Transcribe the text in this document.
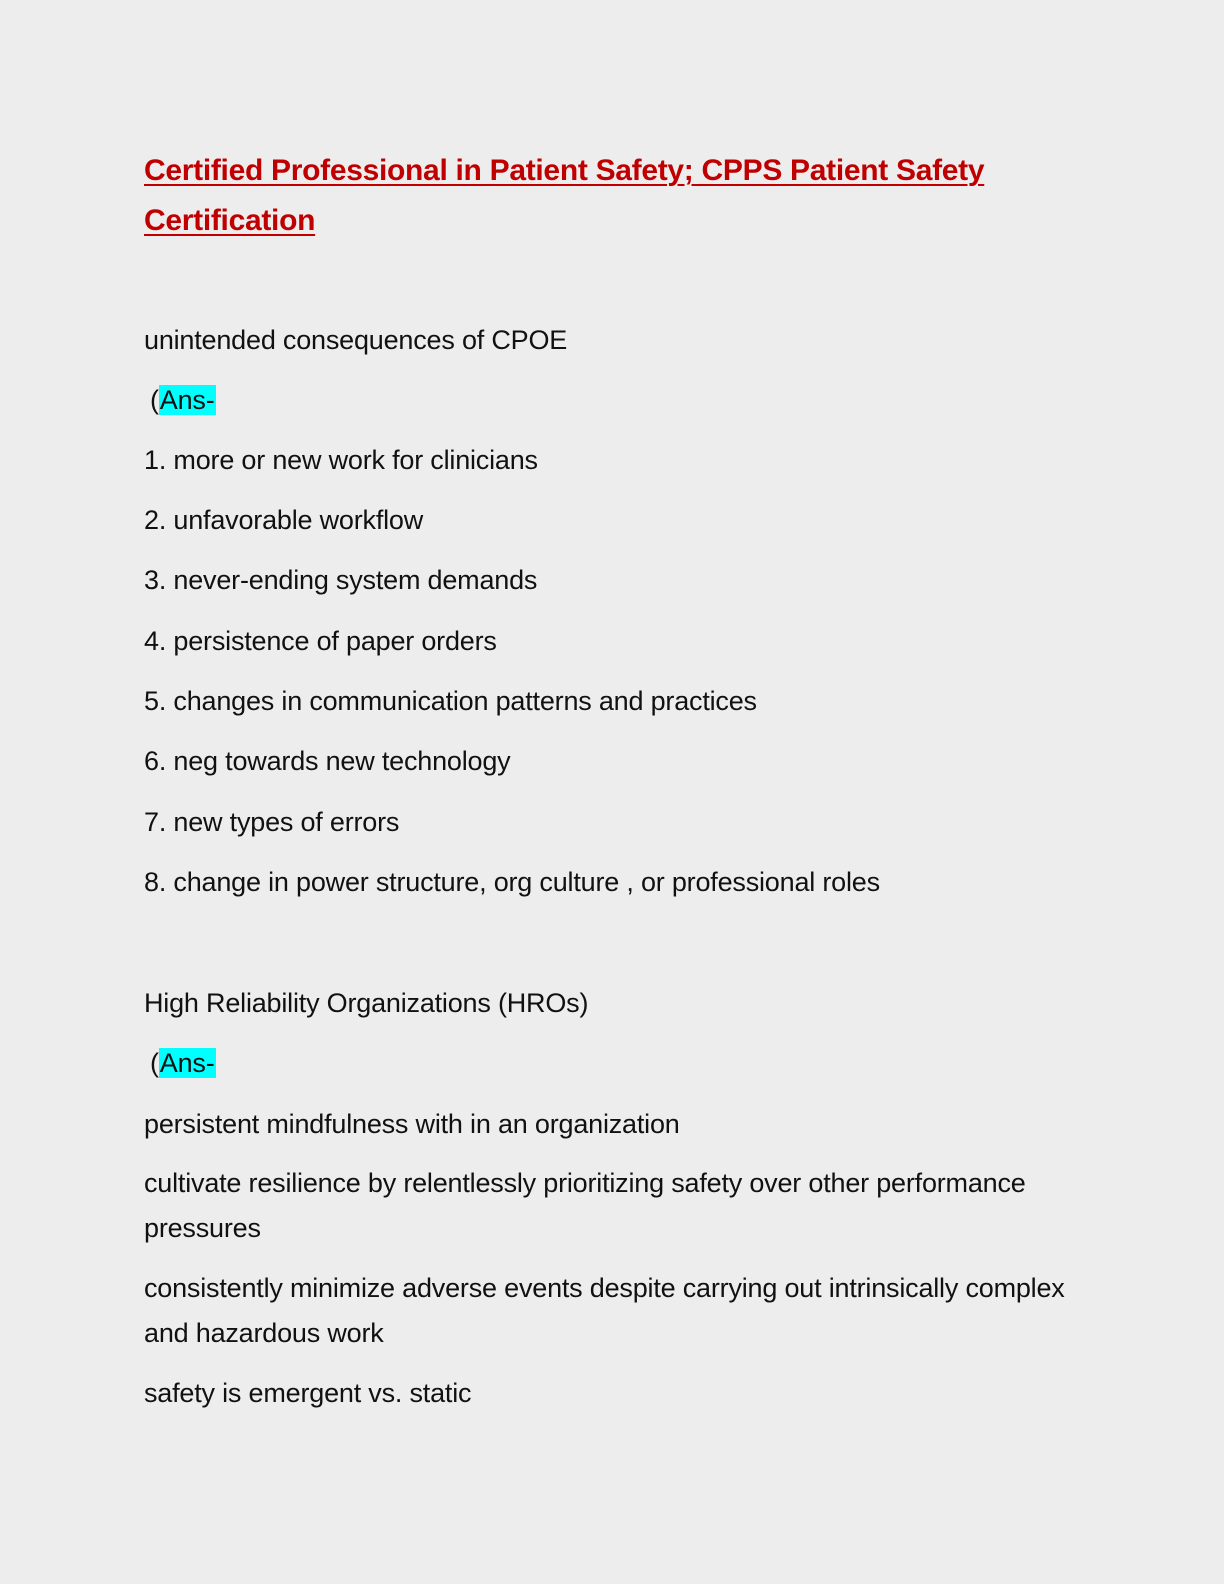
Certified Professional in Patient Safety; CPPS Patient Safety Certification

unintended consequences of CPOE

(Ans-

1. more or new work for clinicians

2. unfavorable workflow

3. never-ending system demands

4. persistence of paper orders

5. changes in communication patterns and practices

6. neg towards new technology

7. new types of errors

8. change in power structure, org culture , or professional roles

High Reliability Organizations (HROs)

(Ans-

persistent mindfulness with in an organization

cultivate resilience by relentlessly prioritizing safety over other performance pressures

consistently minimize adverse events despite carrying out intrinsically complex and hazardous work

safety is emergent vs. static
